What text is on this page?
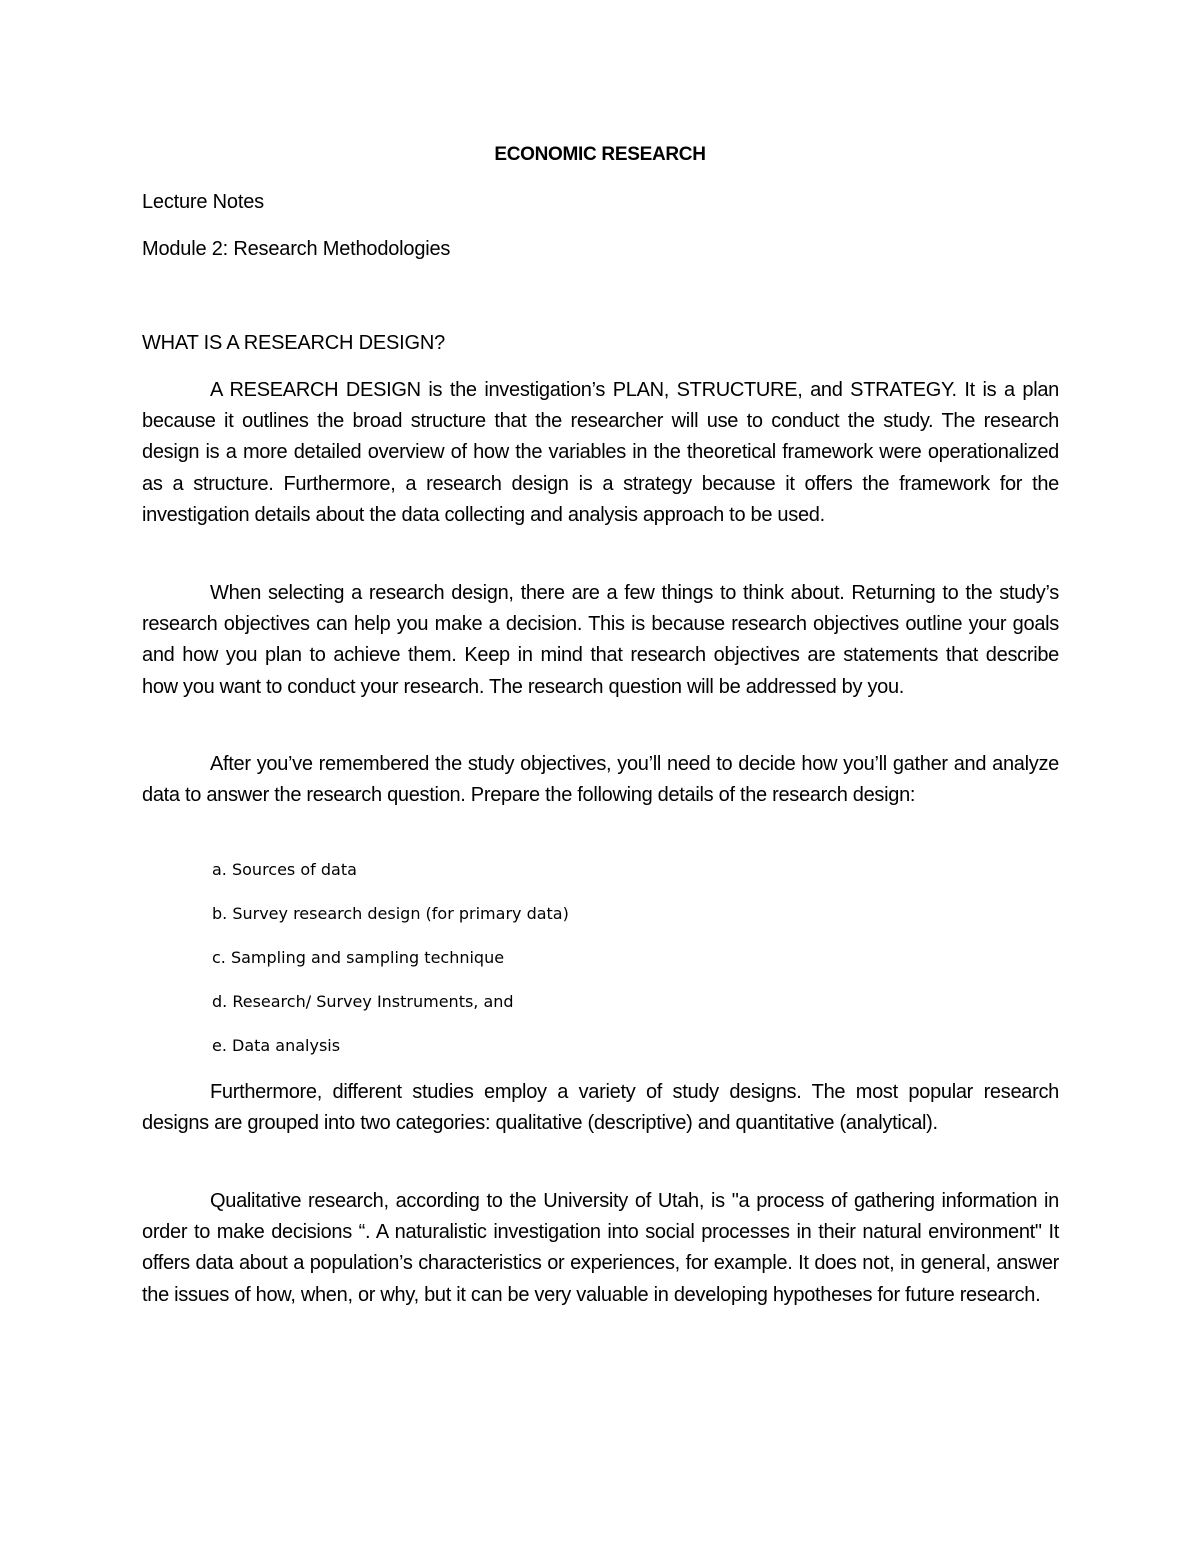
ECONOMIC RESEARCH
Lecture Notes
Module 2: Research Methodologies
WHAT IS A RESEARCH DESIGN?

A RESEARCH DESIGN is the investigation’s PLAN, STRUCTURE, and STRATEGY. It is a plan because it outlines the broad structure that the researcher will use to conduct the study. The research design is a more detailed overview of how the variables in the theoretical framework were operationalized as a structure. Furthermore, a research design is a strategy because it offers the framework for the investigation details about the data collecting and analysis approach to be used.

When selecting a research design, there are a few things to think about. Returning to the study’s research objectives can help you make a decision. This is because research objectives outline your goals and how you plan to achieve them. Keep in mind that research objectives are statements that describe how you want to conduct your research. The research question will be addressed by you.

After you’ve remembered the study objectives, you’ll need to decide how you’ll gather and analyze data to answer the research question. Prepare the following details of the research design:

a. Sources of data
b. Survey research design (for primary data)
c. Sampling and sampling technique
d. Research/ Survey Instruments, and
e. Data analysis

Furthermore, different studies employ a variety of study designs. The most popular research designs are grouped into two categories: qualitative (descriptive) and quantitative (analytical).

Qualitative research, according to the University of Utah, is "a process of gathering information in order to make decisions “. A naturalistic investigation into social processes in their natural environment" It offers data about a population’s characteristics or experiences, for example. It does not, in general, answer the issues of how, when, or why, but it can be very valuable in developing hypotheses for future research.
